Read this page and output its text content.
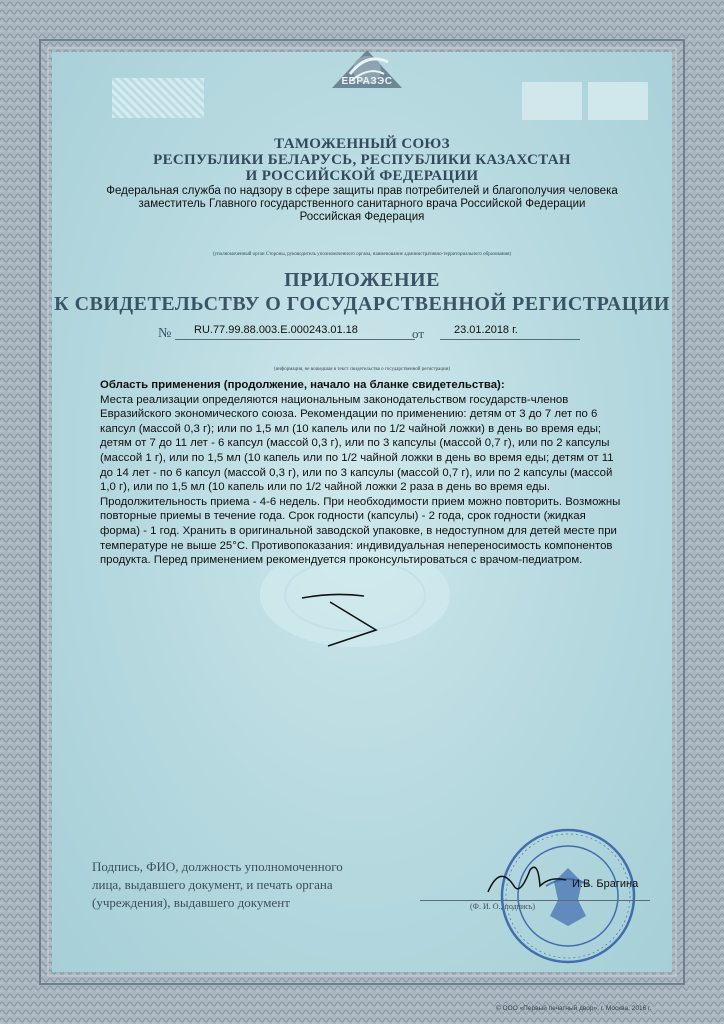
ЕВРАЗЭС
ТАМОЖЕННЫЙ СОЮЗ
РЕСПУБЛИКИ БЕЛАРУСЬ, РЕСПУБЛИКИ КАЗАХСТАН
И РОССИЙСКОЙ ФЕДЕРАЦИИ
Федеральная служба по надзору в сфере защиты прав потребителей и благополучия человека
заместитель Главного государственного санитарного врача Российской Федерации
Российская Федерация
(уполномоченный орган Стороны, руководитель уполномоченного органа, наименование административно-территориального образования)
ПРИЛОЖЕНИЕ
К СВИДЕТЕЛЬСТВУ О ГОСУДАРСТВЕННОЙ РЕГИСТРАЦИИ
№ RU.77.99.88.003.Е.000243.01.18	от	23.01.2018 г.
(информация, не вошедшая в текст свидетельства о государственной регистрации)
Область применения (продолжение, начало на бланке свидетельства):
Места реализации определяются национальным законодательством государств-членов
Евразийского экономического союза. Рекомендации по применению: детям от 3 до 7 лет по 6
капсул (массой 0,3 г); или по 1,5 мл (10 капель или по 1/2 чайной ложки) в день во время еды;
детям от 7 до 11 лет - 6 капсул (массой 0,3 г), или по 3 капсулы (массой 0,7 г), или по 2 капсулы
(массой 1 г), или по 1,5 мл (10 капель или по 1/2 чайной ложки в день во время еды; детям от 11
до 14 лет - по 6 капсул (массой 0,3 г), или по 3 капсулы (массой 0,7 г), или по 2 капсулы (массой
1,0 г), или по 1,5 мл (10 капель или по 1/2 чайной ложки 2 раза в день во время еды.
Продолжительность приема - 4-6 недель. При необходимости прием можно повторить. Возможны
повторные приемы в течение года. Срок годности (капсулы) - 2 года, срок годности (жидкая
форма) - 1 год. Хранить в оригинальной заводской упаковке, в недоступном для детей месте при
температуре не выше 25°С. Противопоказания: индивидуальная непереносимость компонентов
продукта. Перед применением рекомендуется проконсультироваться с врачом-педиатром.
Подпись, ФИО, должность уполномоченного
лица, выдавшего документ, и печать органа
(учреждения), выдавшего документ
И.В. Брагина
(Ф. И. О., подпись)
© ООО «Первый печатный двор», г. Москва, 2016 г.
